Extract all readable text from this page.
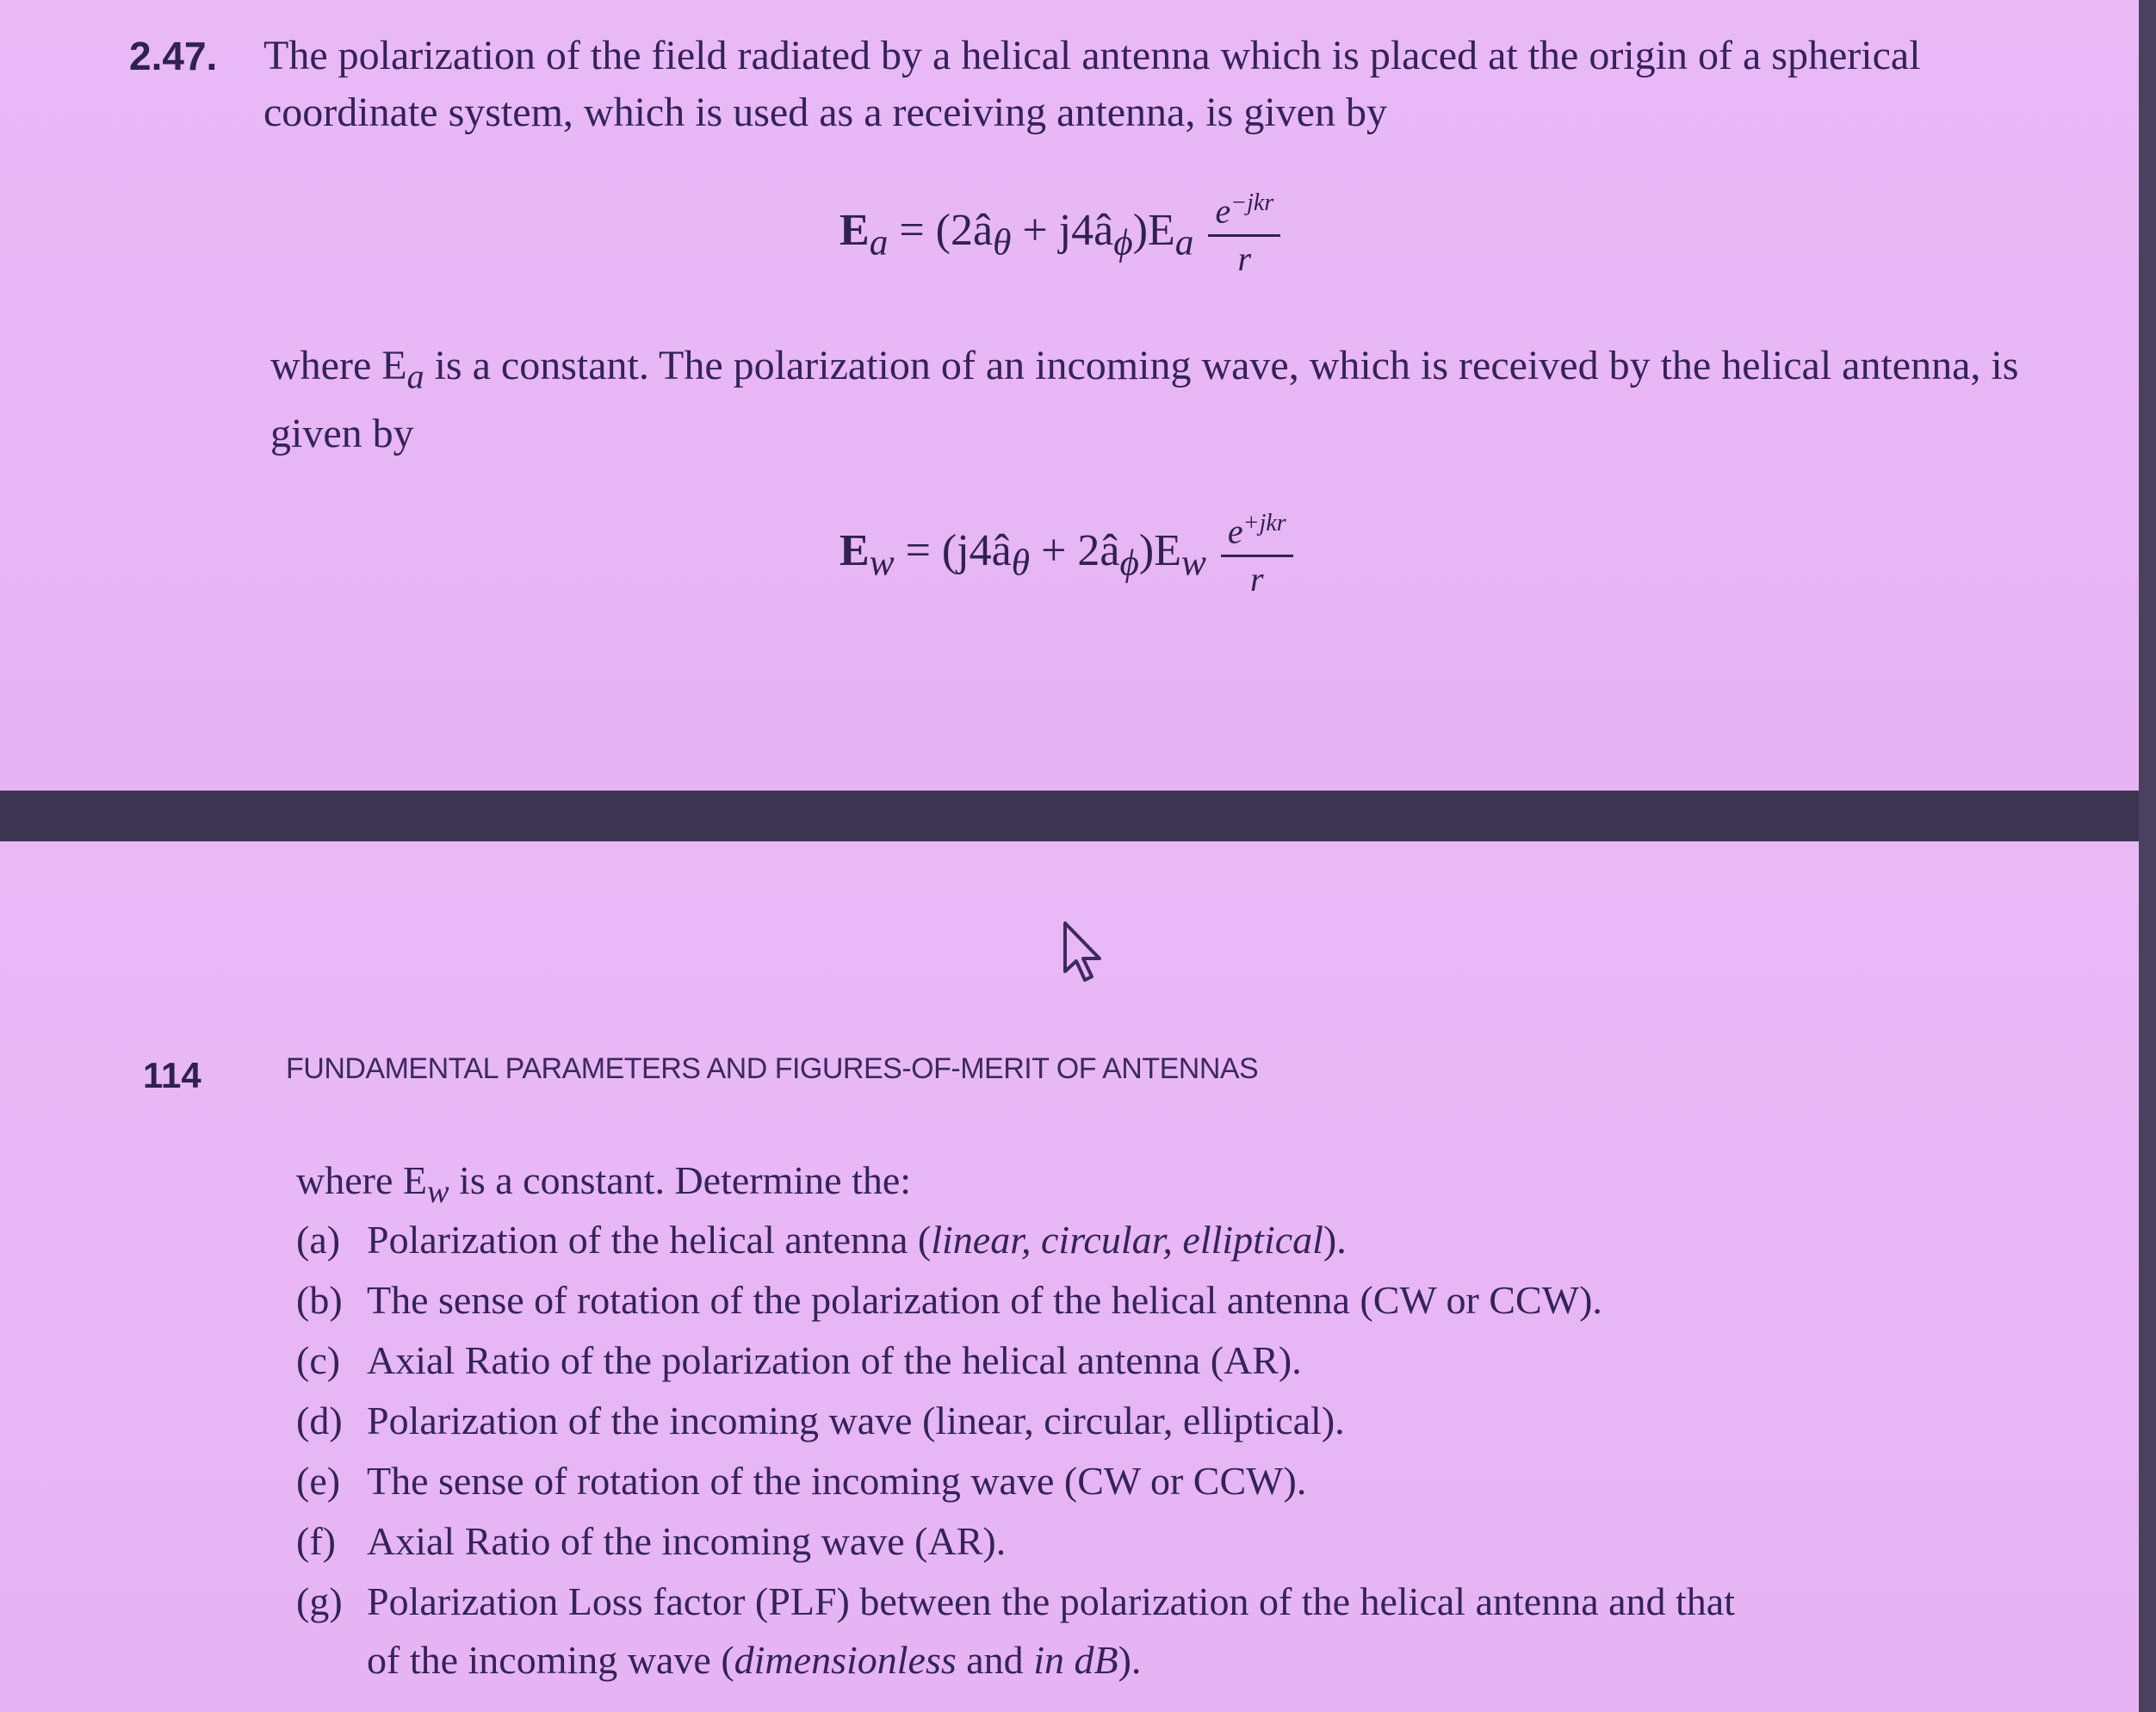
2.47. The polarization of the field radiated by a helical antenna which is placed at the origin of a spherical coordinate system, which is used as a receiving antenna, is given by
$E_a$ = ($2â_\theta$ + $j4â_\phi)E_a \frac{e^{-jkr}}{r}$
where $E_a$ is a constant. The polarization of an incoming wave, which is received by the helical antenna, is given by
$E_w$ = ($j4â_\theta$ + $2â_\phi)E_w \frac{e^{+jkr}}{r}$
114	FUNDAMENTAL PARAMETERS AND FIGURES-OF-MERIT OF ANTENNAS
where $E_w$ is a constant. Determine the:
(a) Polarization of the helical antenna (linear, circular, elliptical).
(b) The sense of rotation of the polarization of the helical antenna (CW or CCW).
(c) Axial Ratio of the polarization of the helical antenna (AR).
(d) Polarization of the incoming wave (linear, circular, elliptical).
(e) The sense of rotation of the incoming wave (CW or CCW).
(f) Axial Ratio of the incoming wave (AR).
(g) Polarization Loss factor (PLF) between the polarization of the helical antenna and that
of the incoming wave (dimensionless and in dB).
